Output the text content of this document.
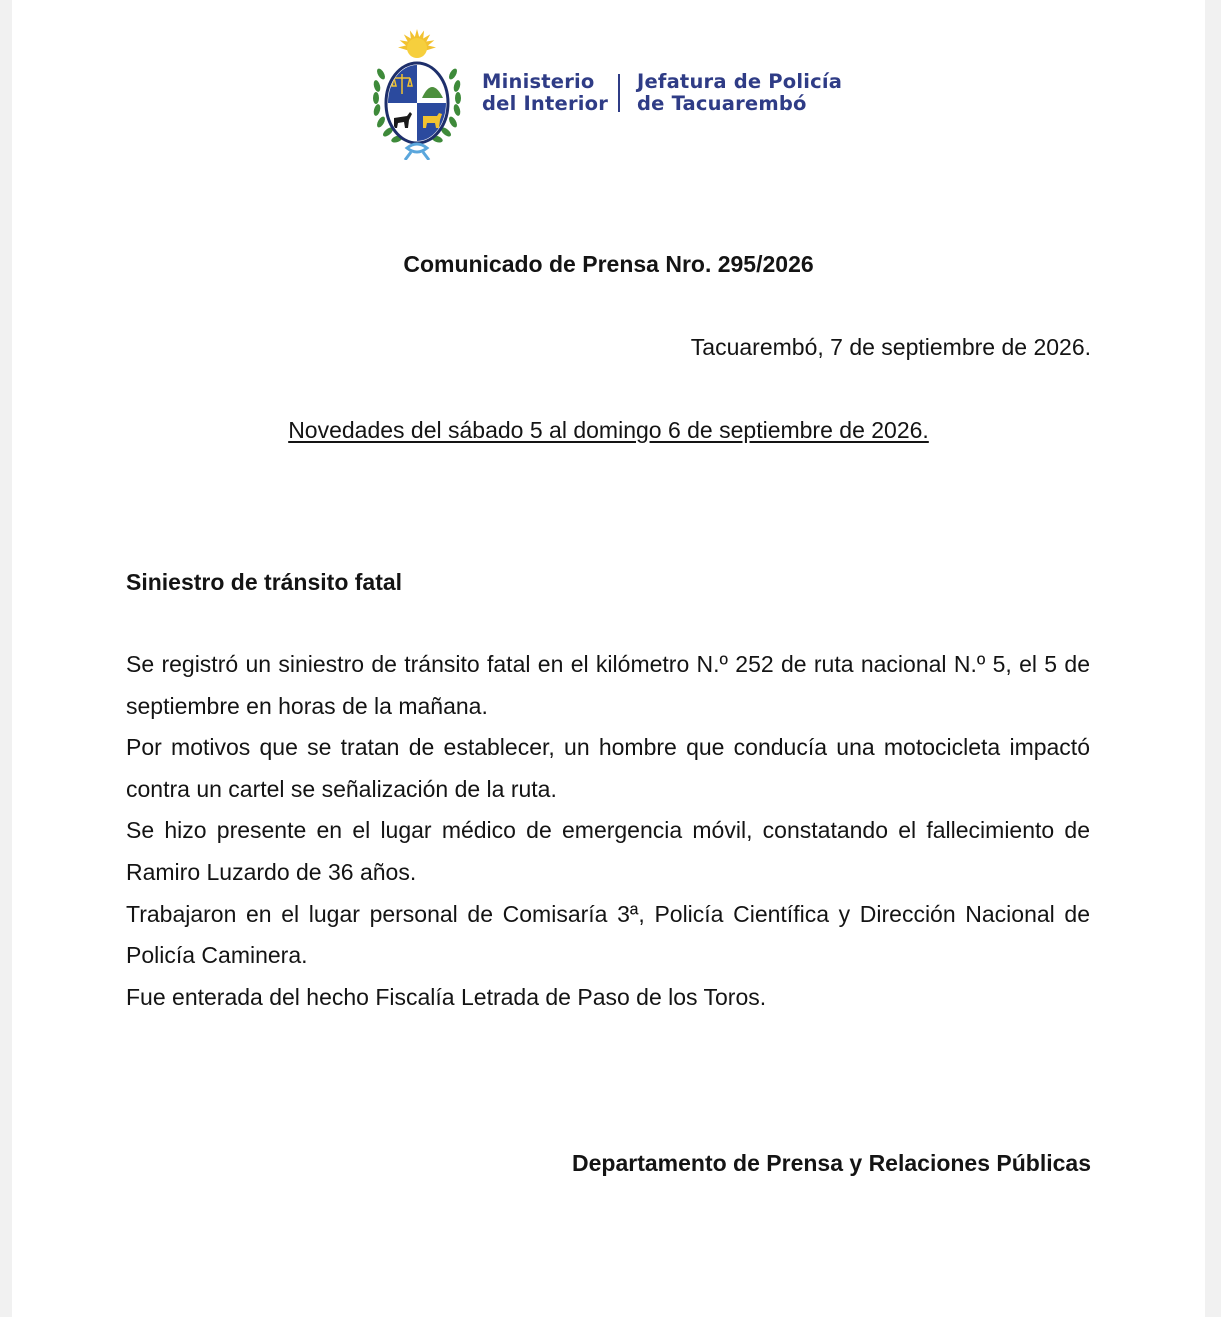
Ministerio
del Interior
Jefatura de Policía
de Tacuarembó
Comunicado de Prensa Nro. 295/2026
Tacuarembó, 7 de septiembre de 2026.
Novedades del sábado 5 al domingo 6 de septiembre de 2026.
Siniestro de tránsito fatal

Se registró un siniestro de tránsito fatal en el kilómetro N.º 252 de ruta nacional N.º 5, el 5 de septiembre en horas de la mañana.

Por motivos que se tratan de establecer, un hombre que conducía una motocicleta impactó contra un cartel se señalización de la ruta.

Se hizo presente en el lugar médico de emergencia móvil, constatando el fallecimiento de Ramiro Luzardo de 36 años.

Trabajaron en el lugar personal de Comisaría 3ª, Policía Científica y Dirección Nacional de Policía Caminera.

Fue enterada del hecho Fiscalía Letrada de Paso de los Toros.

Departamento de Prensa y Relaciones Públicas
